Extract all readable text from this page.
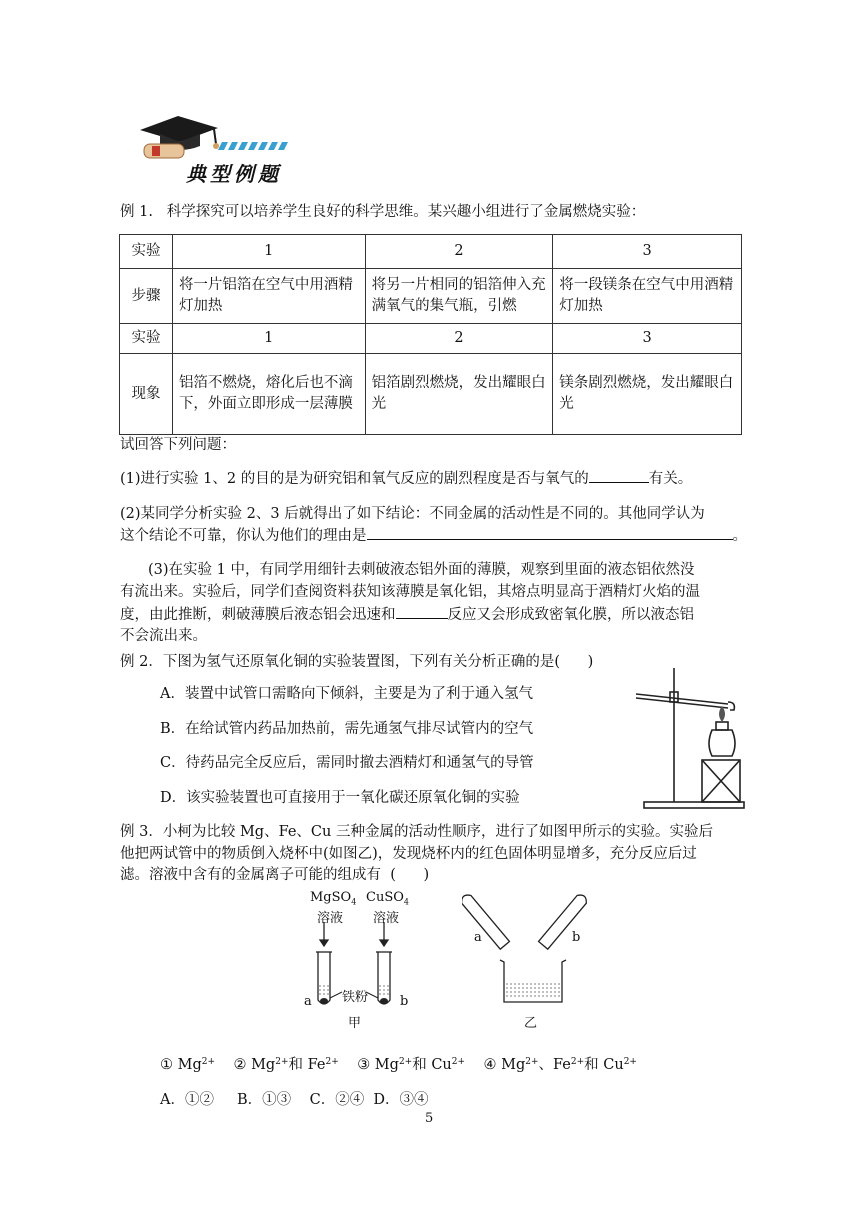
典型例题
例 1.   科学探究可以培养学生良好的科学思维。某兴趣小组进行了金属燃烧实验：
实验	1	2	3
步骤	将一片铝箔在空气中用酒精灯加热	将另一片相同的铝箔伸入充满氧气的集气瓶，引燃	将一段镁条在空气中用酒精灯加热
实验	1	2	3
现象	铝箔不燃烧，熔化后也不滴下，外面立即形成一层薄膜	铝箔剧烈燃烧，发出耀眼白光	镁条剧烈燃烧，发出耀眼白光
试回答下列问题：
(1)进行实验 1、2 的目的是为研究铝和氧气反应的剧烈程度是否与氧气的	有关。
(2)某同学分析实验 2、3 后就得出了如下结论：不同金属的活动性是不同的。其他同学认为
这个结论不可靠，你认为他们的理由是	。
(3)在实验 1 中，有同学用细针去刺破液态铝外面的薄膜，观察到里面的液态铝依然没
有流出来。实验后，同学们查阅资料获知该薄膜是氧化铝，其熔点明显高于酒精灯火焰的温
度，由此推断，刺破薄膜后液态铝会迅速和	反应又会形成致密氧化膜，所以液态铝
不会流出来。
例 2．下图为氢气还原氧化铜的实验装置图，下列有关分析正确的是(      )
A．装置中试管口需略向下倾斜，主要是为了利于通入氢气
B．在给试管内药品加热前，需先通氢气排尽试管内的空气
C．待药品完全反应后，需同时撤去酒精灯和通氢气的导管
D．该实验装置也可直接用于一氧化碳还原氧化铜的实验
例 3．小柯为比较 Mg、Fe、Cu 三种金属的活动性顺序，进行了如图甲所示的实验。实验后
他把两试管中的物质倒入烧杯中(如图乙)，发现烧杯内的红色固体明显增多，充分反应后过
滤。溶液中含有的金属离子可能的组成有  (      )
MgSO$_4$
溶液
CuSO$_4$
溶液
a	b
铁粉
甲
a	b
乙
① $Mg^{2+}$ ② $Mg^{2+}$和 $Fe^{2+}$ ③ $Mg^{2+}$和 $Cu^{2+}$ ④ $Mg^{2+}$、$Fe^{2+}$和 $Cu^{2+}$
A．①②     B．①③    C．②④  D．③④
5
